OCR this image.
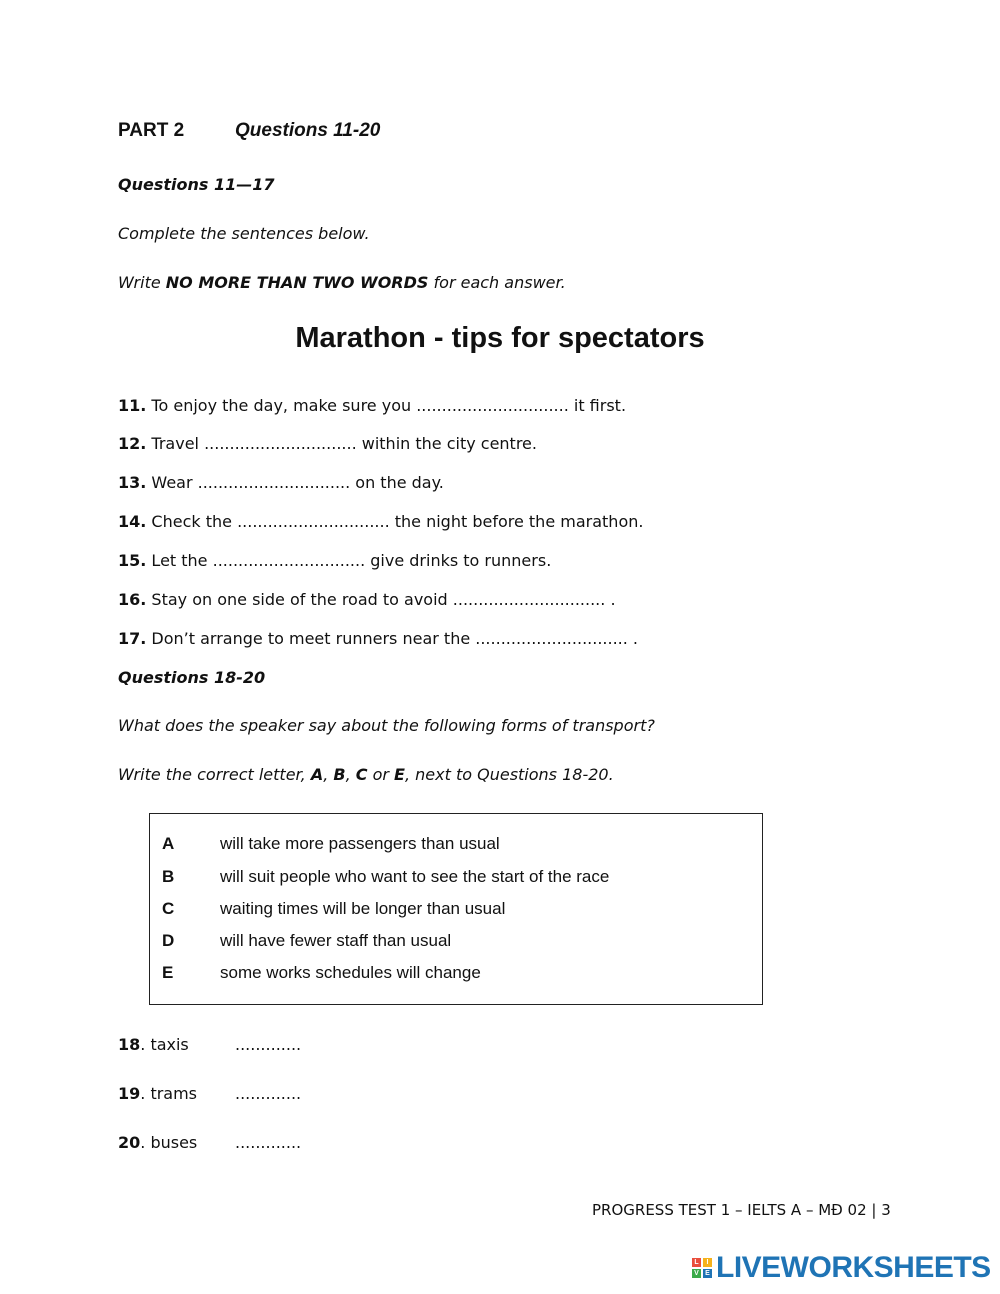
PART 2	Questions 11-20
Questions 11—17
Complete the sentences below.
Write NO MORE THAN TWO WORDS for each answer.
Marathon - tips for spectators
11. To enjoy the day, make sure you .............................. it first.
12. Travel .............................. within the city centre.
13. Wear .............................. on the day.
14. Check the .............................. the night before the marathon.
15. Let the .............................. give drinks to runners.
16. Stay on one side of the road to avoid .............................. .
17. Don’t arrange to meet runners near the .............................. .
Questions 18-20
What does the speaker say about the following forms of transport?
Write the correct letter, A, B, C or E, next to Questions 18-20.
A	will take more passengers than usual
B	will suit people who want to see the start of the race
C	waiting times will be longer than usual
D	will have fewer staff than usual
E	some works schedules will change
18. taxis	.............
19. trams .............
20. buses .............
PROGRESS TEST 1 – IELTS A – MĐ 02 | 3
L	I
V E LIVEWORKSHEETS
